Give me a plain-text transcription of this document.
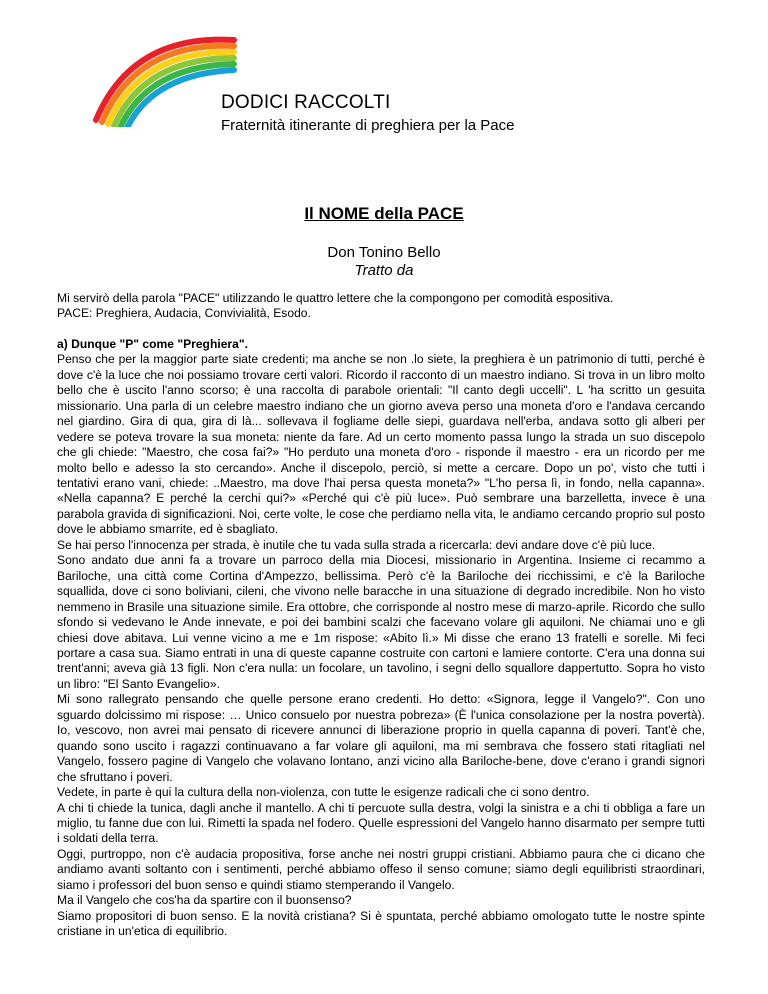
DODICI RACCOLTI
Fraternità itinerante di preghiera per la Pace
Il NOME della PACE
Don Tonino Bello
Tratto da

Mi servirò della parola "PACE" utilizzando le quattro lettere che la compongono per comodità espositiva.

PACE: Preghiera, Audacia, Convivialità, Esodo.

a) Dunque "P" come "Preghiera".

Penso che per la maggior parte siate credenti; ma anche se non .lo siete, la preghiera è un patrimonio di tutti, perché è dove c'è la luce che noi possiamo trovare certi valori. Ricordo il racconto di un maestro indiano. Si trova in un libro molto bello che è uscito l'anno scorso; è una raccolta di parabole orientali: "Il canto degli uccelli". L 'ha scritto un gesuita missionario. Una parla di un celebre maestro indiano che un giorno aveva perso una moneta d'oro e l'andava cercando nel giardino. Gira di qua, gira di là... sollevava il fogliame delle siepi, guardava nell'erba, andava sotto gli alberi per vedere se poteva trovare la sua moneta: niente da fare. Ad un certo momento passa lungo la strada un suo discepolo che gli chiede: "Maestro, che cosa fai?» "Ho perduto una moneta d'oro - risponde il maestro - era un ricordo per me molto bello e adesso la sto cercando». Anche il discepolo, perciò, si mette a cercare. Dopo un po', visto che tutti i tentativi erano vani, chiede: ..Maestro, ma dove l'hai persa questa moneta?» "L'ho persa lì, in fondo, nella capanna». «Nella capanna? E perché la cerchi qui?» «Perché qui c'è più luce». Può sembrare una barzelletta, invece è una parabola gravida di significazioni. Noi, certe volte, le cose che perdiamo nella vita, le andiamo cercando proprio sul posto dove le abbiamo smarrite, ed è sbagliato.

Se hai perso l'innocenza per strada, è inutile che tu vada sulla strada a ricercarla: devi andare dove c'è più luce.

Sono andato due anni fa a trovare un parroco della mia Diocesi, missionario in Argentina. Insieme ci recammo a Bariloche, una città come Cortina d'Ampezzo, bellissima. Però c'è la Bariloche dei ricchissimi, e c'è la Bariloche squallida, dove ci sono boliviani, cileni, che vivono nelle baracche in una situazione di degrado incredibile. Non ho visto nemmeno in Brasile una situazione simile. Era ottobre, che corrisponde al nostro mese di marzo-aprile. Ricordo che sullo sfondo si vedevano le Ande innevate, e poi dei bambini scalzi che facevano volare gli aquiloni. Ne chiamai uno e gli chiesi dove abitava. Lui venne vicino a me e 1m rispose: «Abito lì.» Mi disse che erano 13 fratelli e sorelle. Mi feci portare a casa sua. Siamo entrati in una di queste capanne costruite con cartoni e lamiere contorte. C'era una donna sui trent'anni; aveva già 13 figli. Non c'era nulla: un focolare, un tavolino, i segni dello squallore dappertutto. Sopra ho visto un libro: "El Santo Evangelio».

Mi sono rallegrato pensando che quelle persone erano credenti. Ho detto: «Signora, legge il Vangelo?". Con uno sguardo dolcissimo mi rispose: … Unico consuelo por nuestra pobreza» (È l'unica consolazione per la nostra povertà). Io, vescovo, non avrei mai pensato di ricevere annunci di liberazione proprio in quella capanna di poveri. Tant'è che, quando sono uscito i ragazzi continuavano a far volare gli aquiloni, ma mi sembrava che fossero stati ritagliati nel Vangelo, fossero pagine di Vangelo che volavano lontano, anzi vicino alla Bariloche-bene, dove c'erano i grandi signori che sfruttano i poveri.

Vedete, in parte è qui la cultura della non-violenza, con tutte le esigenze radicali che ci sono dentro.

A chi ti chiede la tunica, dagli anche il mantello. A chi ti percuote sulla destra, volgi la sinistra e a chi ti obbliga a fare un miglio, tu fanne due con lui. Rimetti la spada nel fodero. Quelle espressioni del Vangelo hanno disarmato per sempre tutti i soldati della terra.

Oggi, purtroppo, non c'è audacia propositiva, forse anche nei nostri gruppi cristiani. Abbiamo paura che ci dicano che andiamo avanti soltanto con i sentimenti, perché abbiamo offeso il senso comune; siamo degli equilibristi straordinari, siamo i professori del buon senso e quindi stiamo stemperando il Vangelo.

Ma il Vangelo che cos'ha da spartire con il buonsenso?

Siamo propositori di buon senso. E la novità cristiana? Si è spuntata, perché abbiamo omologato tutte le nostre spinte cristiane in un'etica di equilibrio.
